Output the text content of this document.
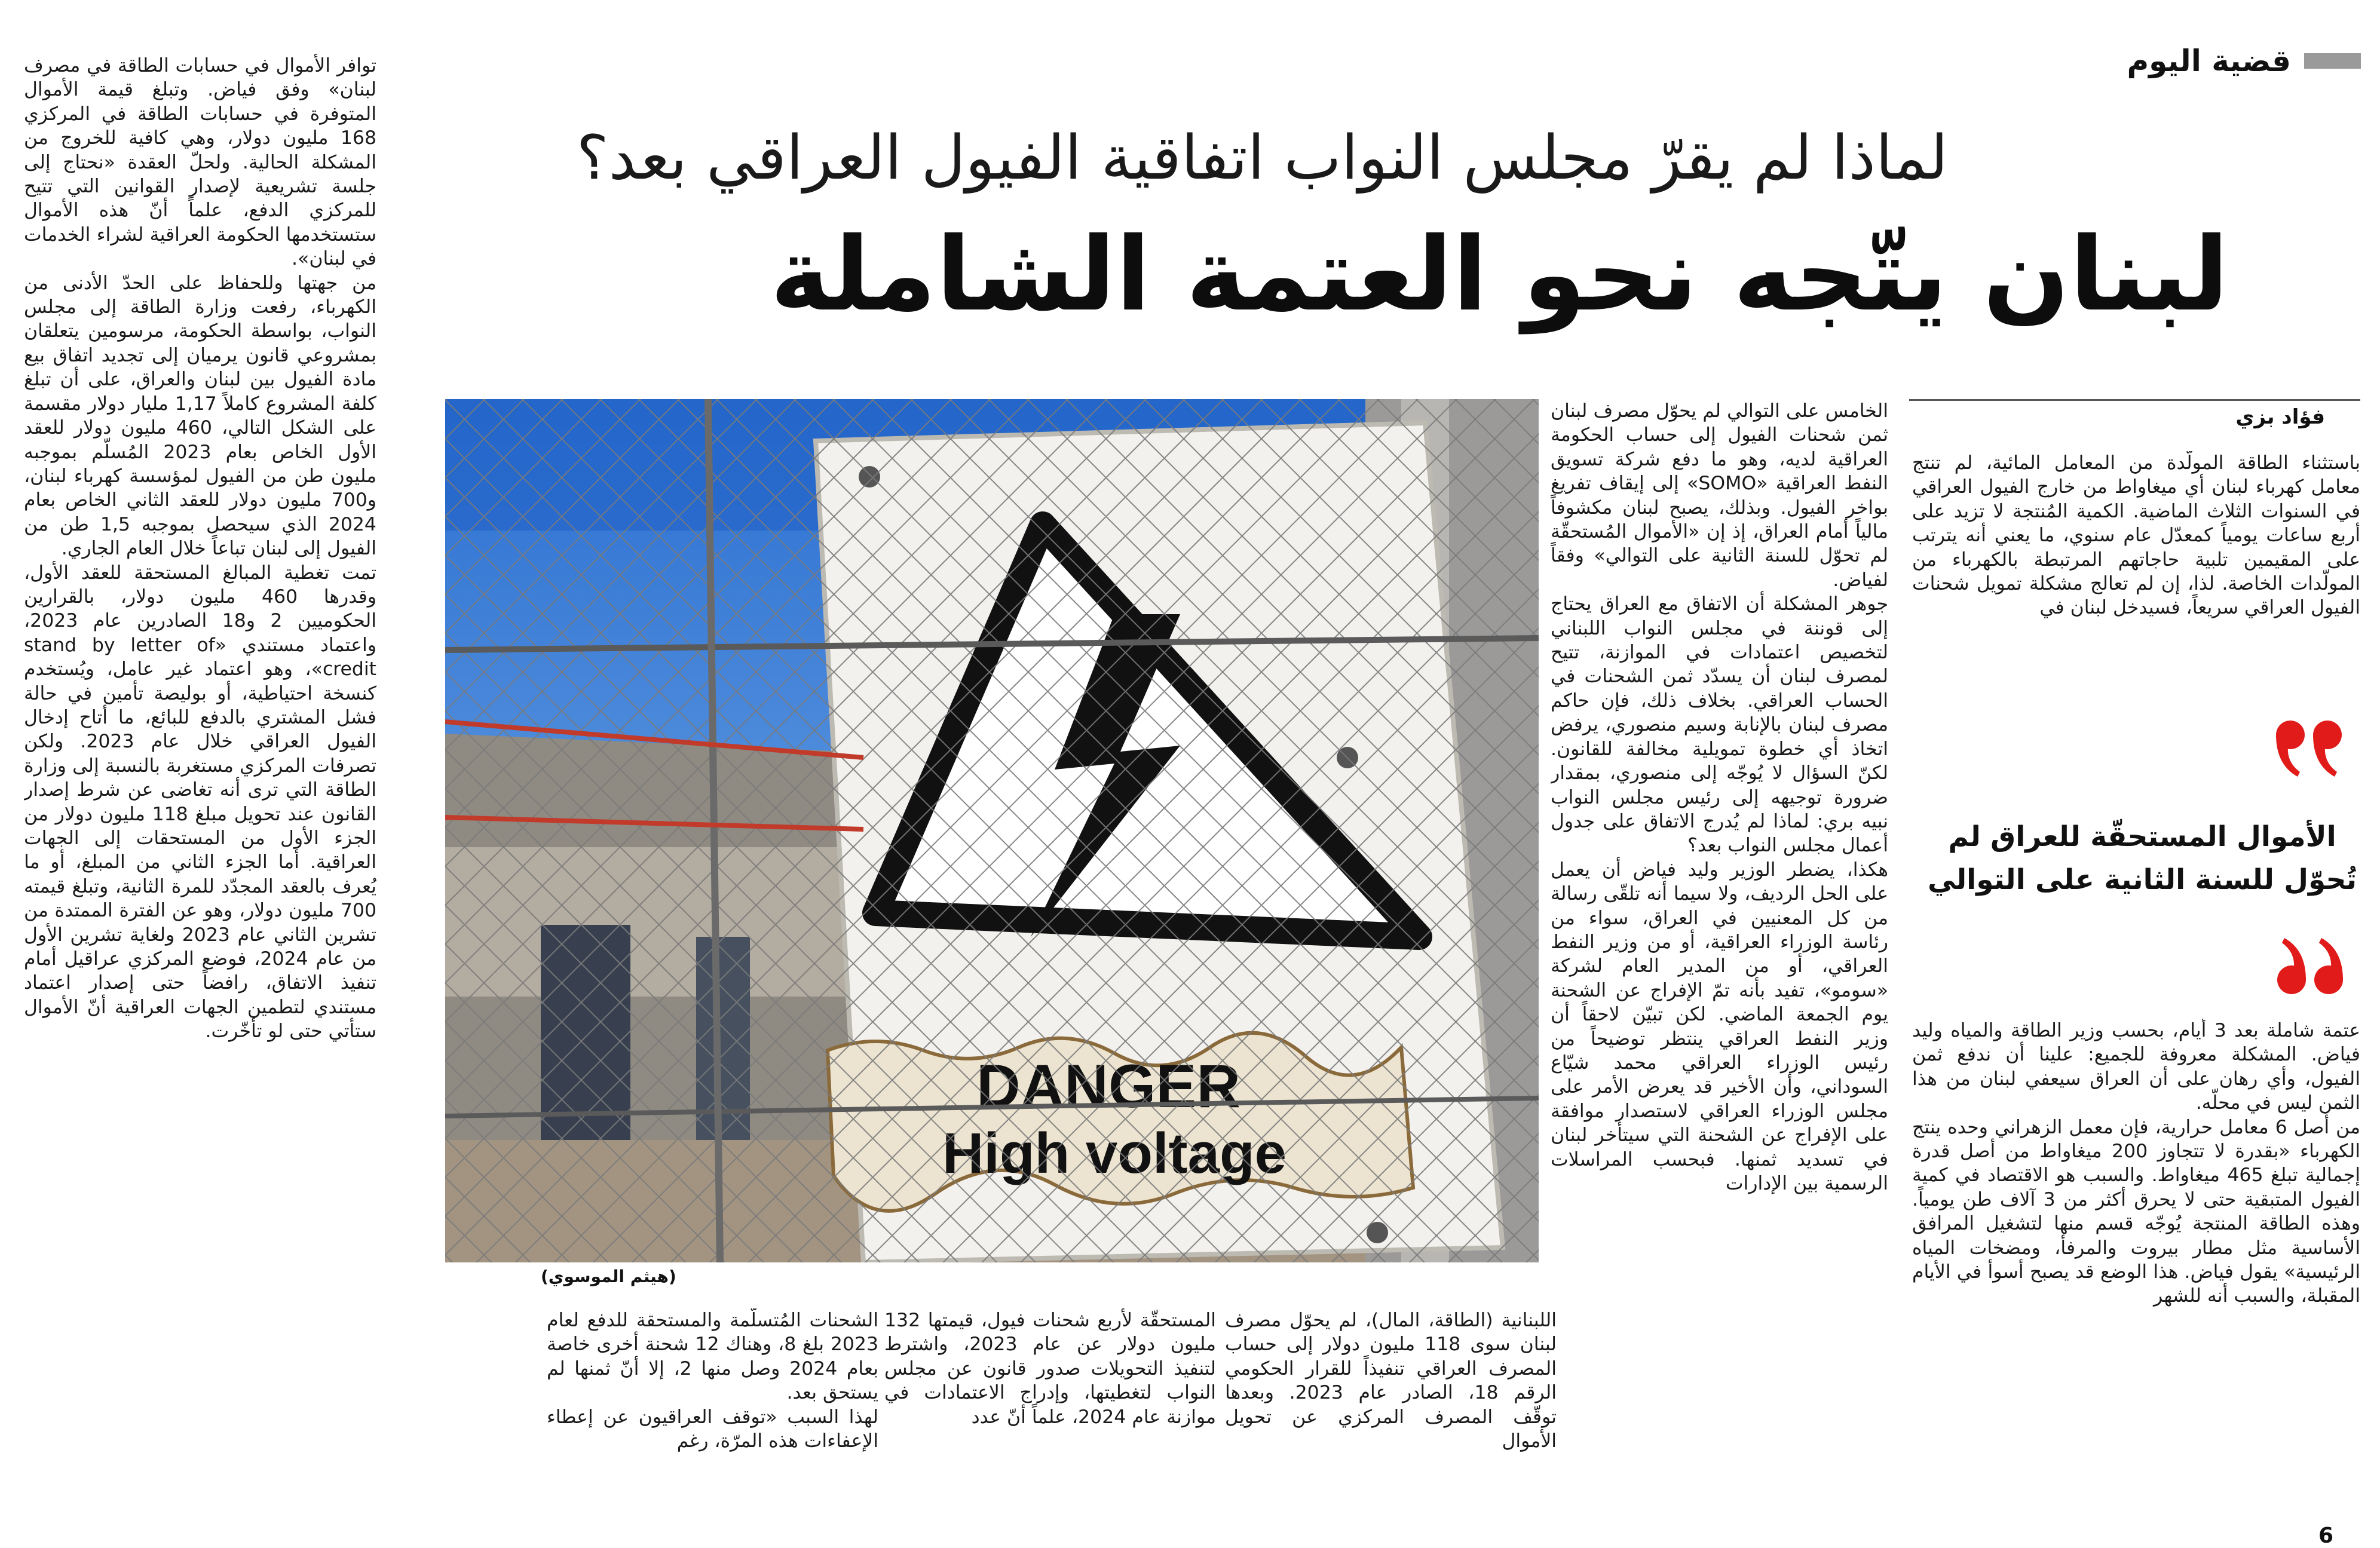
قضية اليوم
لماذا لم يقرّ مجلس النواب اتفاقية الفيول العراقي بعد؟
لبنان يتّجه نحو العتمة الشاملة
فؤاد بزي

باستثناء الطاقة المولّدة من المعامل المائية، لم تنتج معامل كهرباء لبنان أي ميغاواط من خارج الفيول العراقي في السنوات الثلاث الماضية. الكمية المُنتجة لا تزيد على أربع ساعات يومياً كمعدّل عام سنوي، ما يعني أنه يترتب على المقيمين تلبية حاجاتهم المرتبطة بالكهرباء من المولّدات الخاصة. لذا، إن لم تعالج مشكلة تمويل شحنات الفيول العراقي سريعاً، فسيدخل لبنان في

الأموال المستحقّة للعراق لم تُحوّل للسنة الثانية على التوالي

عتمة شاملة بعد 3 أيام، بحسب وزير الطاقة والمياه وليد فياض. المشكلة معروفة للجميع: علينا أن ندفع ثمن الفيول، وأي رهان على أن العراق سيعفي لبنان من هذا الثمن ليس في محلّه.
من أصل 6 معامل حرارية، فإن معمل الزهراني وحده ينتج الكهرباء «بقدرة لا تتجاوز 200 ميغاواط من أصل قدرة إجمالية تبلغ 465 ميغاواط. والسبب هو الاقتصاد في كمية الفيول المتبقية حتى لا يحرق أكثر من 3 آلاف طن يومياً. وهذه الطاقة المنتجة يُوجّه قسم منها لتشغيل المرافق الأساسية مثل مطار بيروت والمرفأ، ومضخات المياه الرئيسية» يقول فياض. هذا الوضع قد يصبح أسوأ في الأيام المقبلة، والسبب أنه للشهر

الخامس على التوالي لم يحوّل مصرف لبنان ثمن شحنات الفيول إلى حساب الحكومة العراقية لديه، وهو ما دفع شركة تسويق النفط العراقية «SOMO» إلى إيقاف تفريغ بواخر الفيول. وبذلك، يصبح لبنان مكشوفاً مالياً أمام العراق، إذ إن «الأموال المُستحقّة لم تحوّل للسنة الثانية على التوالي» وفقاً لفياض.
جوهر المشكلة أن الاتفاق مع العراق يحتاج إلى قوننة في مجلس النواب اللبناني لتخصيص اعتمادات في الموازنة، تتيح لمصرف لبنان أن يسدّد ثمن الشحنات في الحساب العراقي. بخلاف ذلك، فإن حاكم مصرف لبنان بالإنابة وسيم منصوري، يرفض اتخاذ أي خطوة تمويلية مخالفة للقانون. لكنّ السؤال لا يُوجّه إلى منصوري، بمقدار ضرورة توجيهه إلى رئيس مجلس النواب نبيه بري: لماذا لم يُدرج الاتفاق على جدول أعمال مجلس النواب بعد؟
هكذا، يضطر الوزير وليد فياض أن يعمل على الحل الرديف، ولا سيما أنه تلقّى رسالة من كل المعنيين في العراق، سواء من رئاسة الوزراء العراقية، أو من وزير النفط العراقي، أو من المدير العام لشركة «سومو»، تفيد بأنه تمّ الإفراج عن الشحنة يوم الجمعة الماضي. لكن تبيّن لاحقاً أن وزير النفط العراقي ينتظر توضيحاً من رئيس الوزراء العراقي محمد شيّاع السوداني، وأن الأخير قد يعرض الأمر على مجلس الوزراء العراقي لاستصدار موافقة على الإفراج عن الشحنة التي سيتأخر لبنان في تسديد ثمنها. فبحسب المراسلات الرسمية بين الإدارات

(هيثم الموسوي)

اللبنانية (الطاقة، المال)، لم يحوّل مصرف لبنان سوى 118 مليون دولار إلى حساب المصرف العراقي تنفيذاً للقرار الحكومي الرقم 18، الصادر عام 2023. وبعدها توقّف المصرف المركزي عن تحويل الأموال

المستحقّة لأربع شحنات فيول، قيمتها 132 مليون دولار عن عام 2023، واشترط لتنفيذ التحويلات صدور قانون عن مجلس النواب لتغطيتها، وإدراج الاعتمادات في موازنة عام 2024، علماً أنّ عدد

الشحنات المُتسلّمة والمستحقة للدفع لعام 2023 بلغ 8، وهناك 12 شحنة أخرى خاصة بعام 2024 وصل منها 2، إلا أنّ ثمنها لم يستحق بعد.
لهذا السبب «توقف العراقيون عن إعطاء الإعفاءات هذه المرّة، رغم

توافر الأموال في حسابات الطاقة في مصرف لبنان» وفق فياض. وتبلغ قيمة الأموال المتوفرة في حسابات الطاقة في المركزي 168 مليون دولار، وهي كافية للخروج من المشكلة الحالية. ولحلّ العقدة «نحتاج إلى جلسة تشريعية لإصدار القوانين التي تتيح للمركزي الدفع، علماً أنّ هذه الأموال ستستخدمها الحكومة العراقية لشراء الخدمات في لبنان».
من جهتها وللحفاظ على الحدّ الأدنى من الكهرباء، رفعت وزارة الطاقة إلى مجلس النواب، بواسطة الحكومة، مرسومين يتعلقان بمشروعي قانون يرميان إلى تجديد اتفاق بيع مادة الفيول بين لبنان والعراق، على أن تبلغ كلفة المشروع كاملاً 1,17 مليار دولار مقسمة على الشكل التالي، 460 مليون دولار للعقد الأول الخاص بعام 2023 المُسلّم بموجبه مليون طن من الفيول لمؤسسة كهرباء لبنان، و700 مليون دولار للعقد الثاني الخاص بعام 2024 الذي سيحصل بموجبه 1,5 طن من الفيول إلى لبنان تباعاً خلال العام الجاري.
تمت تغطية المبالغ المستحقة للعقد الأول، وقدرها 460 مليون دولار، بالقرارين الحكوميين 2 و18 الصادرين عام 2023، واعتماد مستندي «stand by letter of credit»، وهو اعتماد غير عامل، ويُستخدم كنسخة احتياطية، أو بوليصة تأمين في حالة فشل المشتري بالدفع للبائع، ما أتاح إدخال الفيول العراقي خلال عام 2023. ولكن تصرفات المركزي مستغربة بالنسبة إلى وزارة الطاقة التي ترى أنه تغاضى عن شرط إصدار القانون عند تحويل مبلغ 118 مليون دولار من الجزء الأول من المستحقات إلى الجهات العراقية. أما الجزء الثاني من المبلغ، أو ما يُعرف بالعقد المجدّد للمرة الثانية، وتبلغ قيمته 700 مليون دولار، وهو عن الفترة الممتدة من تشرين الثاني عام 2023 ولغاية تشرين الأول من عام 2024، فوضع المركزي عراقيل أمام تنفيذ الاتفاق، رافضاً حتى إصدار اعتماد مستندي لتطمين الجهات العراقية أنّ الأموال ستأتي حتى لو تأخّرت.

6
